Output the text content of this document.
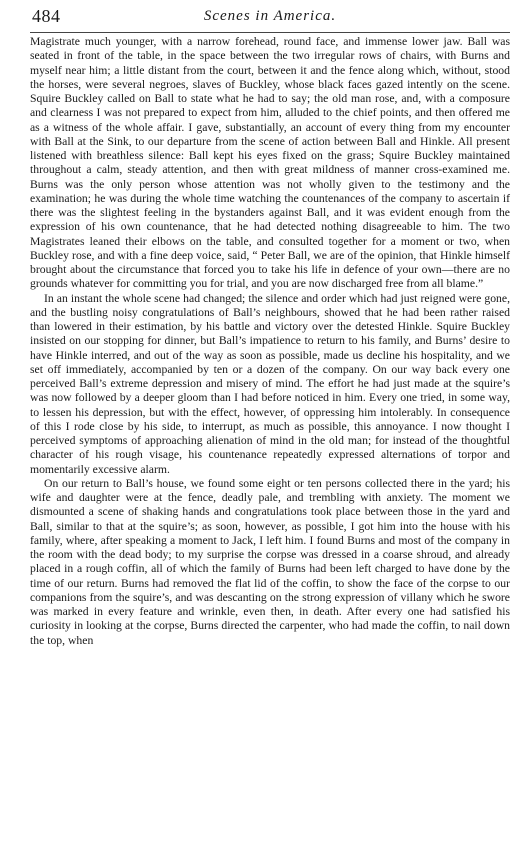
484	Scenes in America.

Magistrate much younger, with a narrow forehead, round face, and immense lower jaw. Ball was seated in front of the table, in the space between the two irregular rows of chairs, with Burns and myself near him; a little distant from the court, between it and the fence along which, without, stood the horses, were several negroes, slaves of Buckley, whose black faces gazed intently on the scene. Squire Buckley called on Ball to state what he had to say; the old man rose, and, with a composure and clearness I was not prepared to expect from him, alluded to the chief points, and then offered me as a witness of the whole affair. I gave, substantially, an account of every thing from my encounter with Ball at the Sink, to our departure from the scene of action between Ball and Hinkle. All present listened with breathless silence: Ball kept his eyes fixed on the grass; Squire Buckley maintained throughout a calm, steady attention, and then with great mildness of manner cross-examined me. Burns was the only person whose attention was not wholly given to the testimony and the examination; he was during the whole time watching the countenances of the company to ascertain if there was the slightest feeling in the bystanders against Ball, and it was evident enough from the expression of his own countenance, that he had detected nothing disagreeable to him. The two Magistrates leaned their elbows on the table, and consulted together for a moment or two, when Buckley rose, and with a fine deep voice, said, “ Peter Ball, we are of the opinion, that Hinkle himself brought about the circumstance that forced you to take his life in defence of your own—there are no grounds whatever for committing you for trial, and you are now discharged free from all blame.”

In an instant the whole scene had changed; the silence and order which had just reigned were gone, and the bustling noisy congratulations of Ball’s neighbours, showed that he had been rather raised than lowered in their estimation, by his battle and victory over the detested Hinkle. Squire Buckley insisted on our stopping for dinner, but Ball’s impatience to return to his family, and Burns’ desire to have Hinkle interred, and out of the way as soon as possible, made us decline his hospitality, and we set off immediately, accompanied by ten or a dozen of the company. On our way back every one perceived Ball’s extreme depression and misery of mind. The effort he had just made at the squire’s was now followed by a deeper gloom than I had before noticed in him. Every one tried, in some way, to lessen his depression, but with the effect, however, of oppressing him intolerably. In consequence of this I rode close by his side, to interrupt, as much as possible, this annoyance. I now thought I perceived symptoms of approaching alienation of mind in the old man; for instead of the thoughtful character of his rough visage, his countenance repeatedly expressed alternations of torpor and momentarily excessive alarm.

On our return to Ball’s house, we found some eight or ten persons collected there in the yard; his wife and daughter were at the fence, deadly pale, and trembling with anxiety. The moment we dismounted a scene of shaking hands and congratulations took place between those in the yard and Ball, similar to that at the squire’s; as soon, however, as possible, I got him into the house with his family, where, after speaking a moment to Jack, I left him. I found Burns and most of the company in the room with the dead body; to my surprise the corpse was dressed in a coarse shroud, and already placed in a rough coffin, all of which the family of Burns had been left charged to have done by the time of our return. Burns had removed the flat lid of the coffin, to show the face of the corpse to our companions from the squire’s, and was descanting on the strong expression of villany which he swore was marked in every feature and wrinkle, even then, in death. After every one had satisfied his curiosity in looking at the corpse, Burns directed the carpenter, who had made the coffin, to nail down the top, when
